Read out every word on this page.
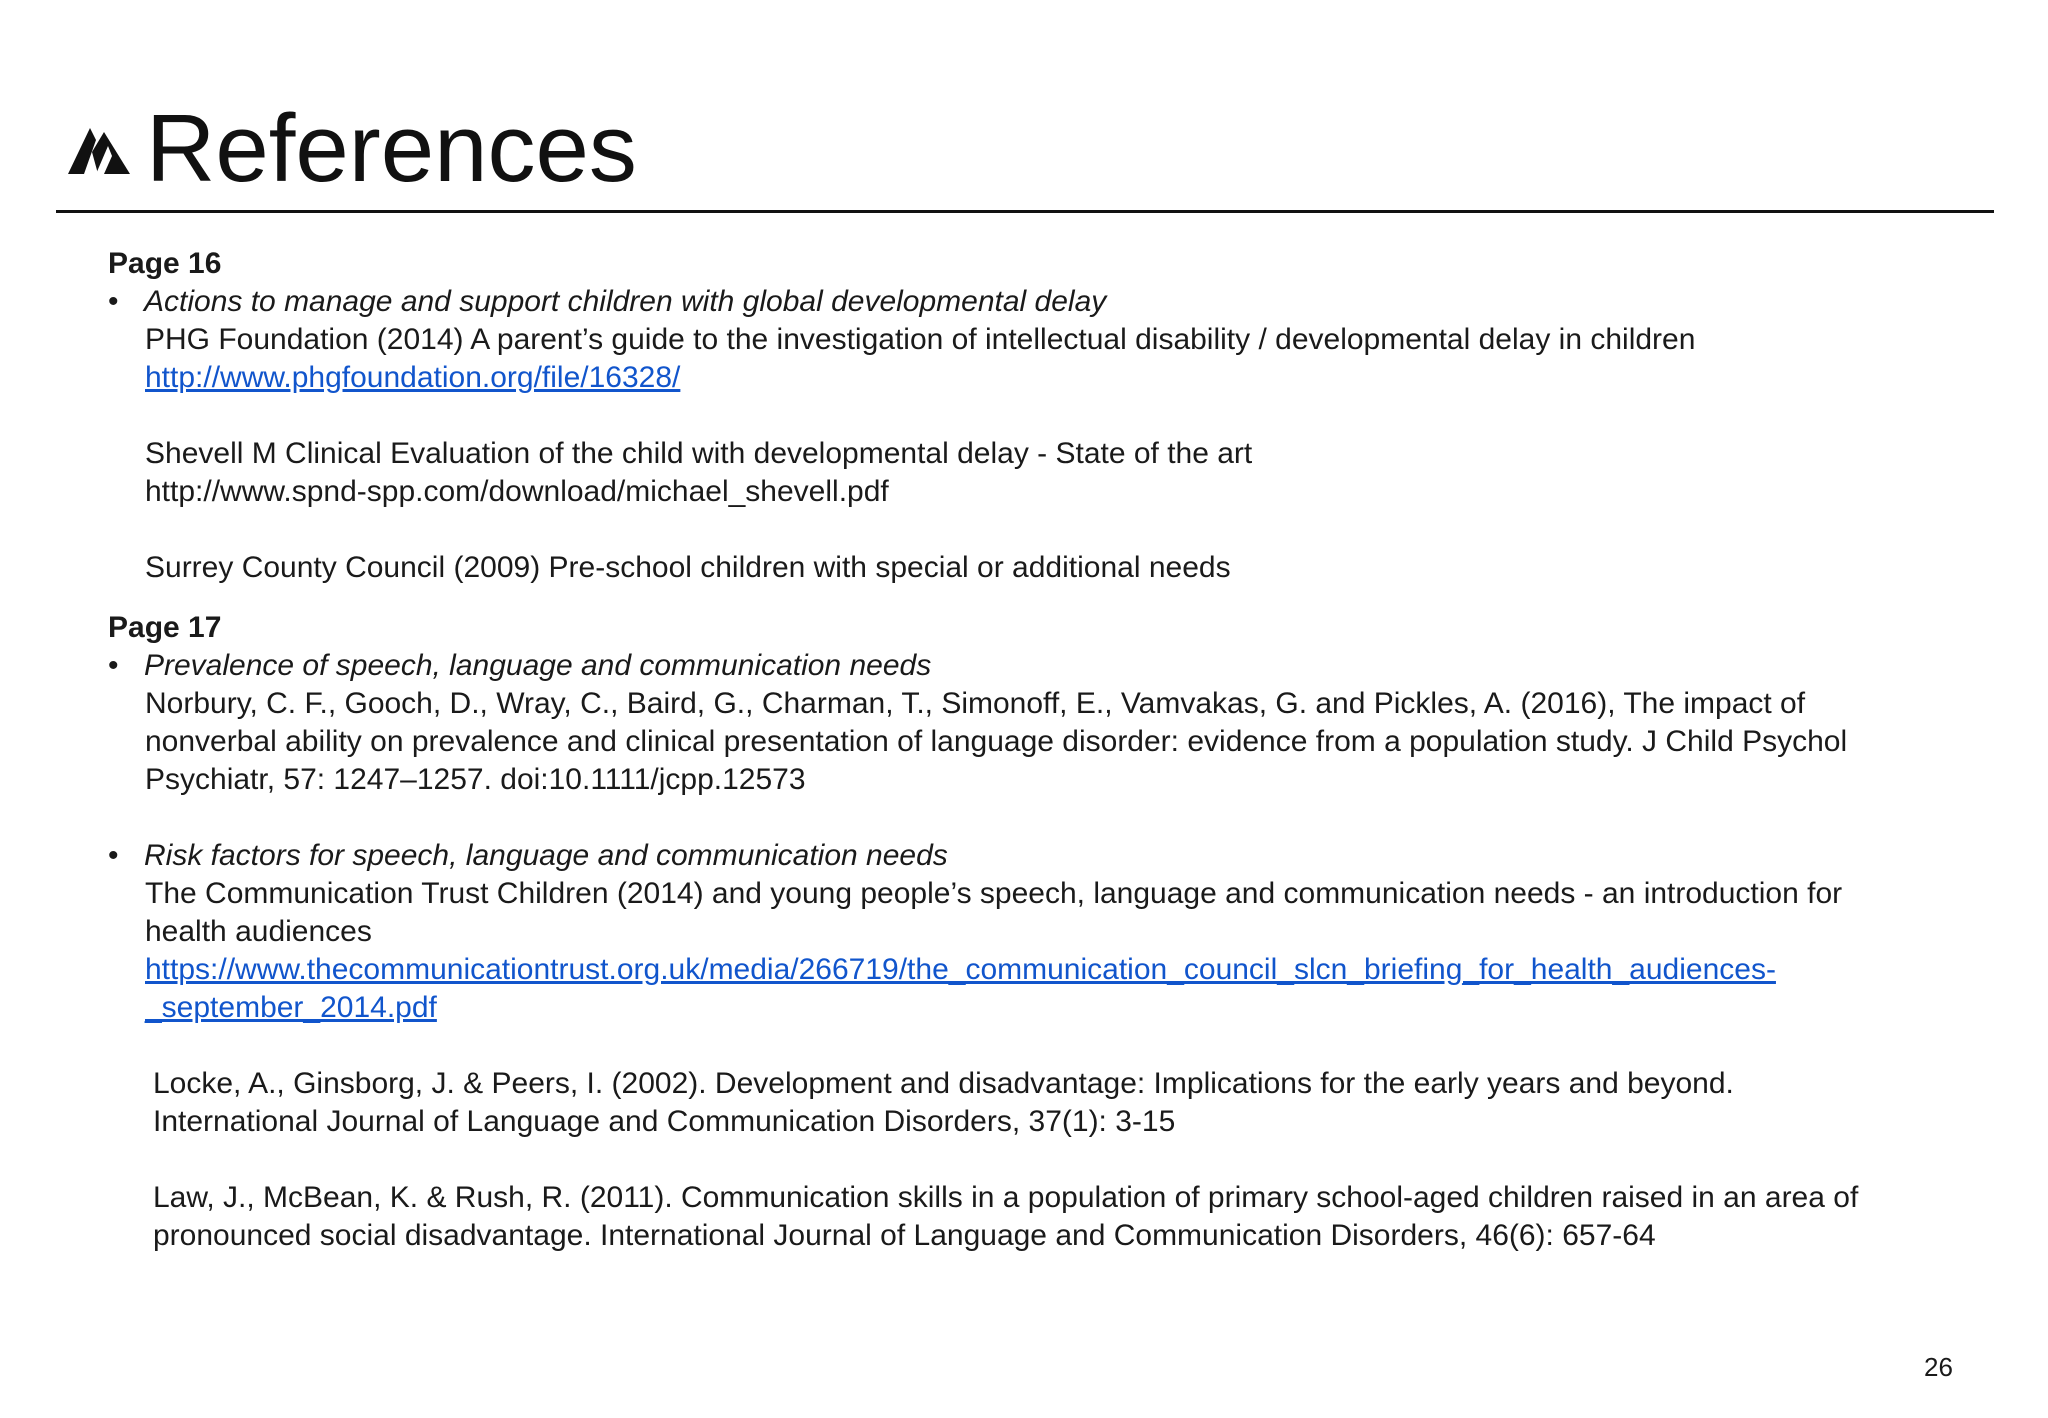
References
Page 16
• Actions to manage and support children with global developmental delay
PHG Foundation (2014) A parent’s guide to the investigation of intellectual disability / developmental delay in children
http://www.phgfoundation.org/file/16328/
Shevell M Clinical Evaluation of the child with developmental delay - State of the art
http://www.spnd-spp.com/download/michael_shevell.pdf
Surrey County Council (2009) Pre-school children with special or additional needs
Page 17
• Prevalence of speech, language and communication needs
Norbury, C. F., Gooch, D., Wray, C., Baird, G., Charman, T., Simonoff, E., Vamvakas, G. and Pickles, A. (2016), The impact of
nonverbal ability on prevalence and clinical presentation of language disorder: evidence from a population study. J Child Psychol
Psychiatr, 57: 1247–1257. doi:10.1111/jcpp.12573
• Risk factors for speech, language and communication needs
The Communication Trust Children (2014) and young people’s speech, language and communication needs - an introduction for
health audiences
https://www.thecommunicationtrust.org.uk/media/266719/the_communication_council_slcn_briefing_for_health_audiences-
_september_2014.pdf
Locke, A., Ginsborg, J. & Peers, I. (2002). Development and disadvantage: Implications for the early years and beyond.
International Journal of Language and Communication Disorders, 37(1): 3-15
Law, J., McBean, K. & Rush, R. (2011). Communication skills in a population of primary school-aged children raised in an area of
pronounced social disadvantage. International Journal of Language and Communication Disorders, 46(6): 657-64
26
